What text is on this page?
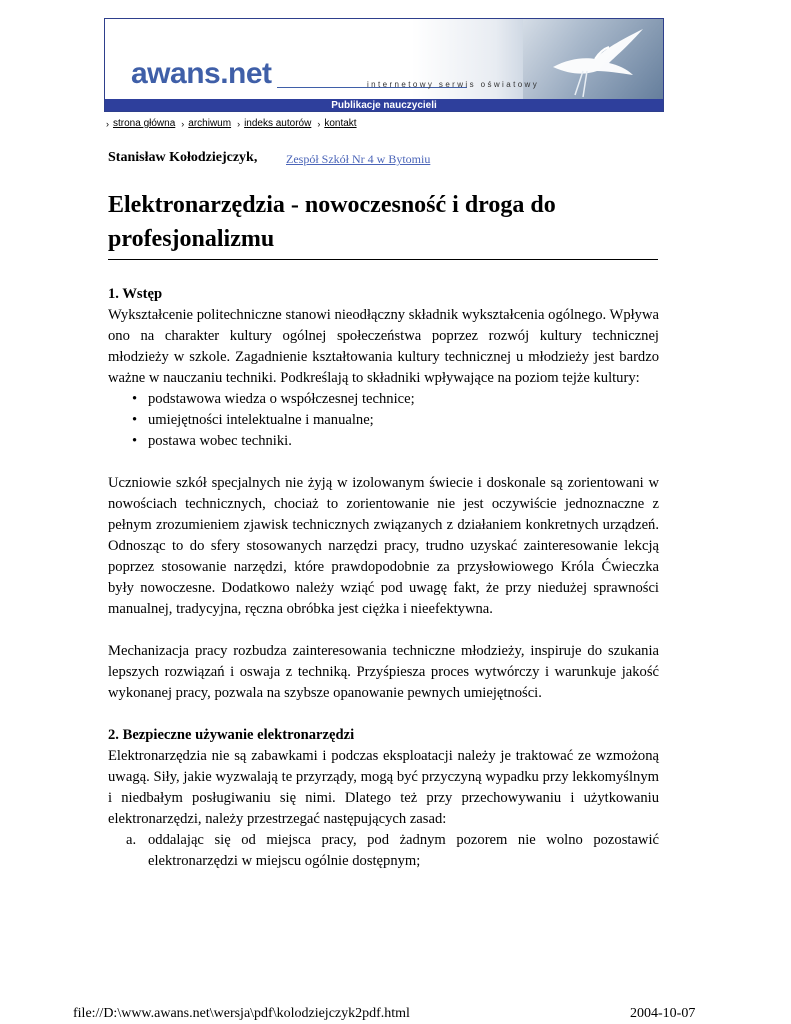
awans.net	internetowy serwis oświatowy
Publikacje nauczycieli
› strona główna › archiwum › indeks autorów › kontakt
Stanisław Kołodziejczyk, Zespół Szkół Nr 4 w Bytomiu
Elektronarzędzia - nowoczesność i droga do profesjonalizmu
1. Wstęp

Wykształcenie politechniczne stanowi nieodłączny składnik wykształcenia ogólnego. Wpływa ono na charakter kultury ogólnej społeczeństwa poprzez rozwój kultury technicznej młodzieży w szkole. Zagadnienie kształtowania kultury technicznej u młodzieży jest bardzo ważne w nauczaniu techniki. Podkreślają to składniki wpływające na poziom tejże kultury:

• podstawowa wiedza o współczesnej technice;
• umiejętności intelektualne i manualne;
• postawa wobec techniki.

Uczniowie szkół specjalnych nie żyją w izolowanym świecie i doskonale są zorientowani w nowościach technicznych, chociaż to zorientowanie nie jest oczywiście jednoznaczne z pełnym zrozumieniem zjawisk technicznych związanych z działaniem konkretnych urządzeń. Odnosząc to do sfery stosowanych narzędzi pracy, trudno uzyskać zainteresowanie lekcją poprzez stosowanie narzędzi, które prawdopodobnie za przysłowiowego Króla Ćwieczka były nowoczesne. Dodatkowo należy wziąć pod uwagę fakt, że przy niedużej sprawności manualnej, tradycyjna, ręczna obróbka jest ciężka i nieefektywna.

Mechanizacja pracy rozbudza zainteresowania techniczne młodzieży, inspiruje do szukania lepszych rozwiązań i oswaja z techniką. Przyśpiesza proces wytwórczy i warunkuje jakość wykonanej pracy, pozwala na szybsze opanowanie pewnych umiejętności.

2. Bezpieczne używanie elektronarzędzi

Elektronarzędzia nie są zabawkami i podczas eksploatacji należy je traktować ze wzmożoną uwagą. Siły, jakie wyzwalają te przyrządy, mogą być przyczyną wypadku przy lekkomyślnym i niedbałym posługiwaniu się nimi. Dlatego też przy przechowywaniu i użytkowaniu elektronarzędzi, należy przestrzegać następujących zasad:

a. oddalając się od miejsca pracy, pod żadnym pozorem nie wolno pozostawić elektronarzędzi w miejscu ogólnie dostępnym;
file://D:\www.awans.net\wersja\pdf\kolodziejczyk2pdf.html	2004-10-07
